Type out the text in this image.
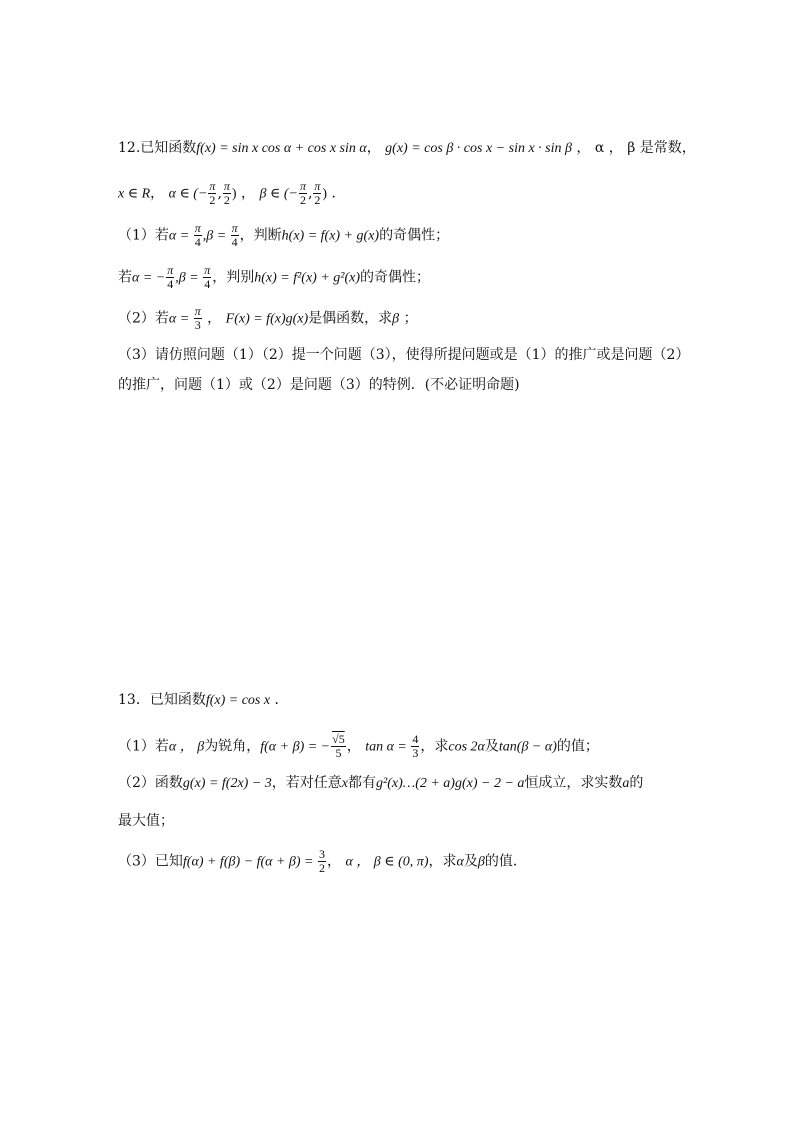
12.已知函数f(x) = sin x cos α + cos x sin α， g(x) = cos β · cos x − sin x · sin β ， α ， β 是常数，
x ∈ R， α ∈ (− $\frac{\pi}{2}$ , $\frac{\pi}{2}$ ) ， β ∈ (− $\frac{\pi}{2}$ , $\frac{\pi}{2}$ ) ．
（1）若$\alpha = \frac{\pi}{4} ,\beta = \frac{\pi}{4}$ ，判断h(x) = f(x) + g(x)的奇偶性；
若α = − $\frac{\pi}{4} ,\beta = \frac{\pi}{4}$ ，判别h(x) = f²(x) + g²(x)的奇偶性；
（2）若$\alpha = \frac{\pi}{3}$ ， F(x) = f(x)g(x)是偶函数，求β ；
（3）请仿照问题（1）（2）提一个问题（3），使得所提问题或是（1）的推广或是问题（2）
的推广，问题（1）或（2）是问题（3）的特例．(不必证明命题)
13．已知函数f(x) = cos x ．
（1）若α ， β为锐角，f(α + β) = − $\frac{√5}{5}$ ， $\tan \alpha = \frac{4}{3}$ ，求cos 2α及tan(β − α)的值；
（2）函数g(x) = f(2x) − 3，若对任意x都有g²(x)…(2 + a)g(x) − 2 − a恒成立，求实数a的
最大值；
（3）已知$f(\alpha) + f(\beta) - f(\alpha + \beta) = \frac{3}{2}$ ， α ， β ∈ (0, π)，求α及β的值．
